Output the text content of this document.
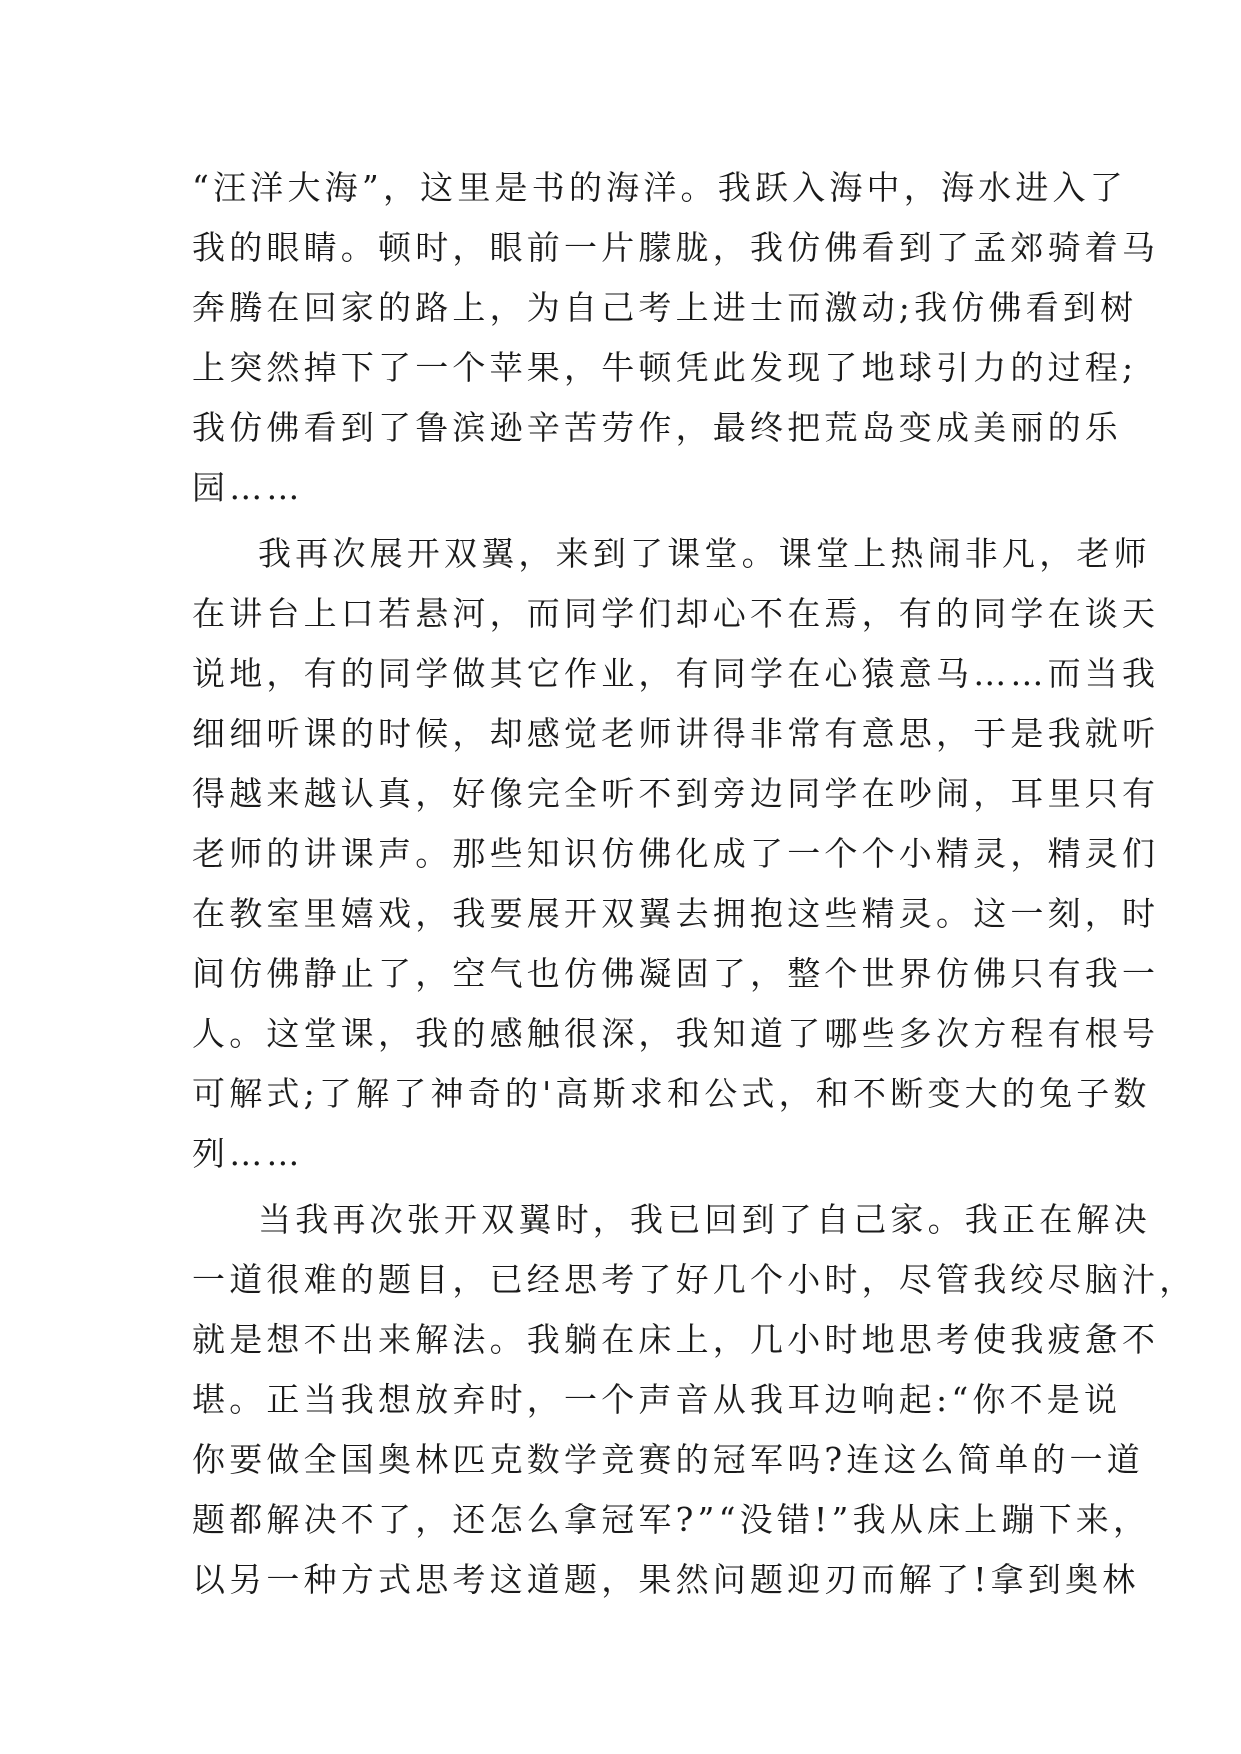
“汪洋大海”，这里是书的海洋。我跃入海中，海水进入了
我的眼睛。顿时，眼前一片朦胧，我仿佛看到了孟郊骑着马
奔腾在回家的路上，为自己考上进士而激动;我仿佛看到树
上突然掉下了一个苹果，牛顿凭此发现了地球引力的过程;
我仿佛看到了鲁滨逊辛苦劳作，最终把荒岛变成美丽的乐
园……
我再次展开双翼，来到了课堂。课堂上热闹非凡，老师
在讲台上口若悬河，而同学们却心不在焉，有的同学在谈天
说地，有的同学做其它作业，有同学在心猿意马……而当我
细细听课的时候，却感觉老师讲得非常有意思，于是我就听
得越来越认真，好像完全听不到旁边同学在吵闹，耳里只有
老师的讲课声。那些知识仿佛化成了一个个小精灵，精灵们
在教室里嬉戏，我要展开双翼去拥抱这些精灵。这一刻，时
间仿佛静止了，空气也仿佛凝固了，整个世界仿佛只有我一
人。这堂课，我的感触很深，我知道了哪些多次方程有根号
可解式;了解了神奇的'高斯求和公式，和不断变大的兔子数
列……
当我再次张开双翼时，我已回到了自己家。我正在解决
一道很难的题目，已经思考了好几个小时，尽管我绞尽脑汁，
就是想不出来解法。我躺在床上，几小时地思考使我疲惫不
堪。正当我想放弃时，一个声音从我耳边响起:“你不是说
你要做全国奥林匹克数学竞赛的冠军吗?连这么简单的一道
题都解决不了，还怎么拿冠军?”“没错!”我从床上蹦下来，
以另一种方式思考这道题，果然问题迎刃而解了!拿到奥林
